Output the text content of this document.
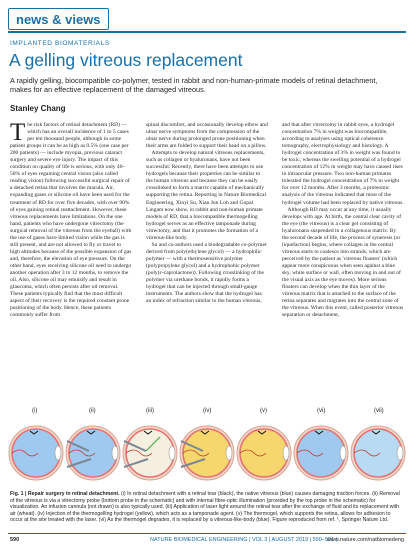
news & views
IMPLANTED BIOMATERIALS
A gelling vitreous replacement
A rapidly gelling, biocompatible co-polymer, tested in rabbit and non-human-primate models of retinal detachment, makes for an effective replacement of the damaged vitreous.
Stanley Chang
The risk factors of retinal detachment (RD) — which has an overall incidence of 1 to 5 cases per ten thousand people, although in some patient groups it can be as high as 0.5% (one case per 200 patients) — include myopia, previous cataract surgery and severe eye injury. The impact of this condition on quality of life is serious, with only 40–50% of eyes regaining central vision (also called reading vision) following successful surgical repair of a detached retina that involves the macula. Air, expanding gases or silicone oil have been used for the treatment of RD for over five decades, with over 90% of eyes gaining retinal reattachment. However, these vitreous replacements have limitations. On the one hand, patients who have undergone vitrectomy (the surgical removal of the vitreous from the eyeball) with the use of gases have limited vision while the gas is still present, and are not allowed to fly or travel to high altitudes because of the possible expansion of gas and, therefore, the elevation of eye pressure. On the other hand, eyes receiving silicone oil need to undergo another operation after 3 to 12 months, to remove the oil. Also, silicone oil may emulsify and result in glaucoma, which often persists after oil removal. These patients typically find that the most difficult aspect of their recovery is the required constant prone positioning of the body. Hence, these patients commonly suffer from
spinal discomfort, and occasionally develop elbow and ulnar nerve symptoms from the compression of the ulnar nerve during prolonged prone positioning when their arms are folded to support their head on a pillow.
 Attempts to develop natural vitreous replacements, such as collagen or hyaluronans, have not been successful. Recently, there have been attempts to use hydrogels because their properties can be similar to the human vitreous and because they can be easily crosslinked to form a matrix capable of mechanically supporting the retina. Reporting in Nature Biomedical Engineering, Xinyi Su, Xian Jun Loh and Gopal Lingam now show, in rabbit and non-human primate models of RD, that a biocompatible thermogelling hydrogel serves as an effective tamponade during vitrectomy, and that it promotes the formation of a vitreous-like body.
 Su and co-authors used a biodegradable co-polymer derived from poly(ethylene glycol) — a hydrophilic polymer — with a thermosensitive polymer (polypropylene glycol) and a hydrophobic polymer (poly(ε-caprolactone)). Following crosslinking of the polymer via urethane bonds, it rapidly forms a hydrogel that can be injected through small-gauge instruments. The authors show that the hydrogel has an index of refraction similar to the human vitreous,
and that after vitrectomy in rabbit eyes, a hydrogel concentration 7% in weight was biocompatible, according to analyses using optical coherence tomography, electrophysiology and histology. A hydrogel concentration of 3% in weight was found to be toxic, whereas the swelling potential of a hydrogel concentration of 12% in weight may have caused rises in intraocular pressure. Two non-human primates tolerated the hydrogel concentration of 7% in weight for over 12 months. After 3 months, a proteomic analysis of the vitreous indicated that most of the hydrogel volume had been replaced by native vitreous.
 Although RD may occur at any time, it usually develops with age. At birth, the central clear cavity of the eye (the vitreous) is a clear gel consisting of hyaluronans suspended in a collagenous matrix. By the second decade of life, the process of syneresis (or liquefaction) begins, where collagen in the central vitreous starts to coalesce into strands, which are perceived by the patient as 'vitreous floaters' (which appear more conspicuous when seen against a blue sky, white surface or wall, often moving in and out of the visual axis as the eye moves). More serious floaters can develop when the thin layer of the vitreous matrix that is attached to the surface of the retina separates and migrates into the central zone of the vitreous. When this event, called posterior vitreous separation or detachment,
(i)	(ii)	(iii)	(iv)	(v)	(vi)	(vii)
Fig. 1 | Repair surgery in retinal detachment. (i) In retinal detachment with a retinal tear (black), the native vitreous (blue) causes damaging traction forces. (ii) Removal of the vitreous is via a vitrectomy probe (bottom probe in the schematic) and with internal fibre-optic illumination (provided by the top probe in the schematic) for visualization. An infusion cannula (not drawn) is also typically used. (iii) Application of laser light around the retinal tear after the exchange of fluid and its replacement with air (wheat). (iv) Injection of the thermogelling hydrogel (yellow), which acts as a tamponade agent. (v) The thermogel, which supports the retina, allows for adhesion to occur at the site treated with the laser. (vi) As the thermogel degrades, it is replaced by a vitreous-like-body (blue). Figure reproduced from ref. ¹, Springer Nature Ltd.
590	NATURE BIOMEDICAL ENGINEERING | VOL 3 | AUGUST 2019 | 590–591 |
www.nature.com/natbiomedeng
